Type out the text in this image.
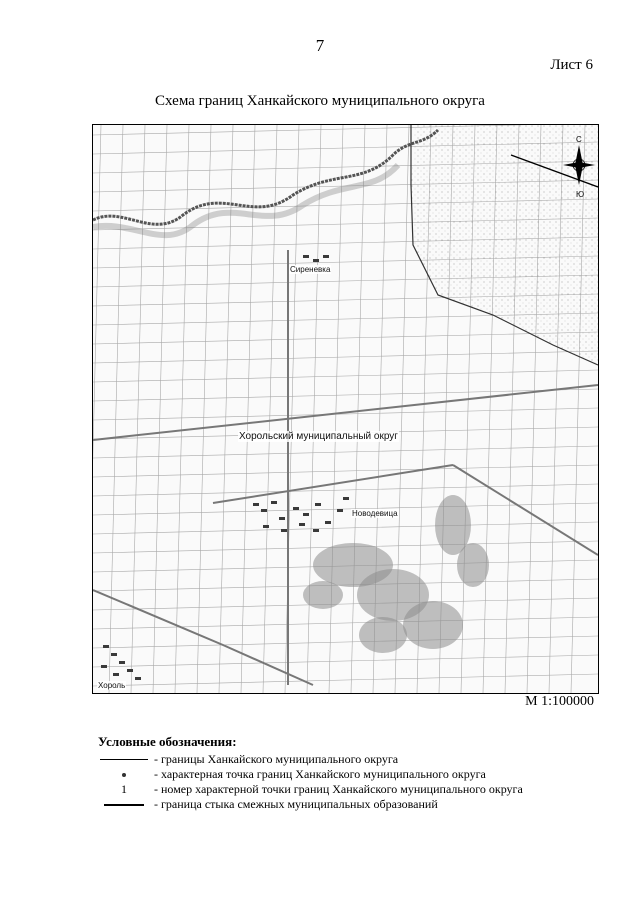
7
Лист 6
Схема границ Ханкайского муниципального округа
С
Ю
Сиреневка
Хорольский муниципальный округ
Новодевица
Хороль
М 1:100000
Условные обозначения:
- границы Ханкайского муниципального округа
- характерная точка границ Ханкайского муниципального округа
1 - номер характерной точки границ Ханкайского муниципального округа
- граница стыка смежных муниципальных образований
